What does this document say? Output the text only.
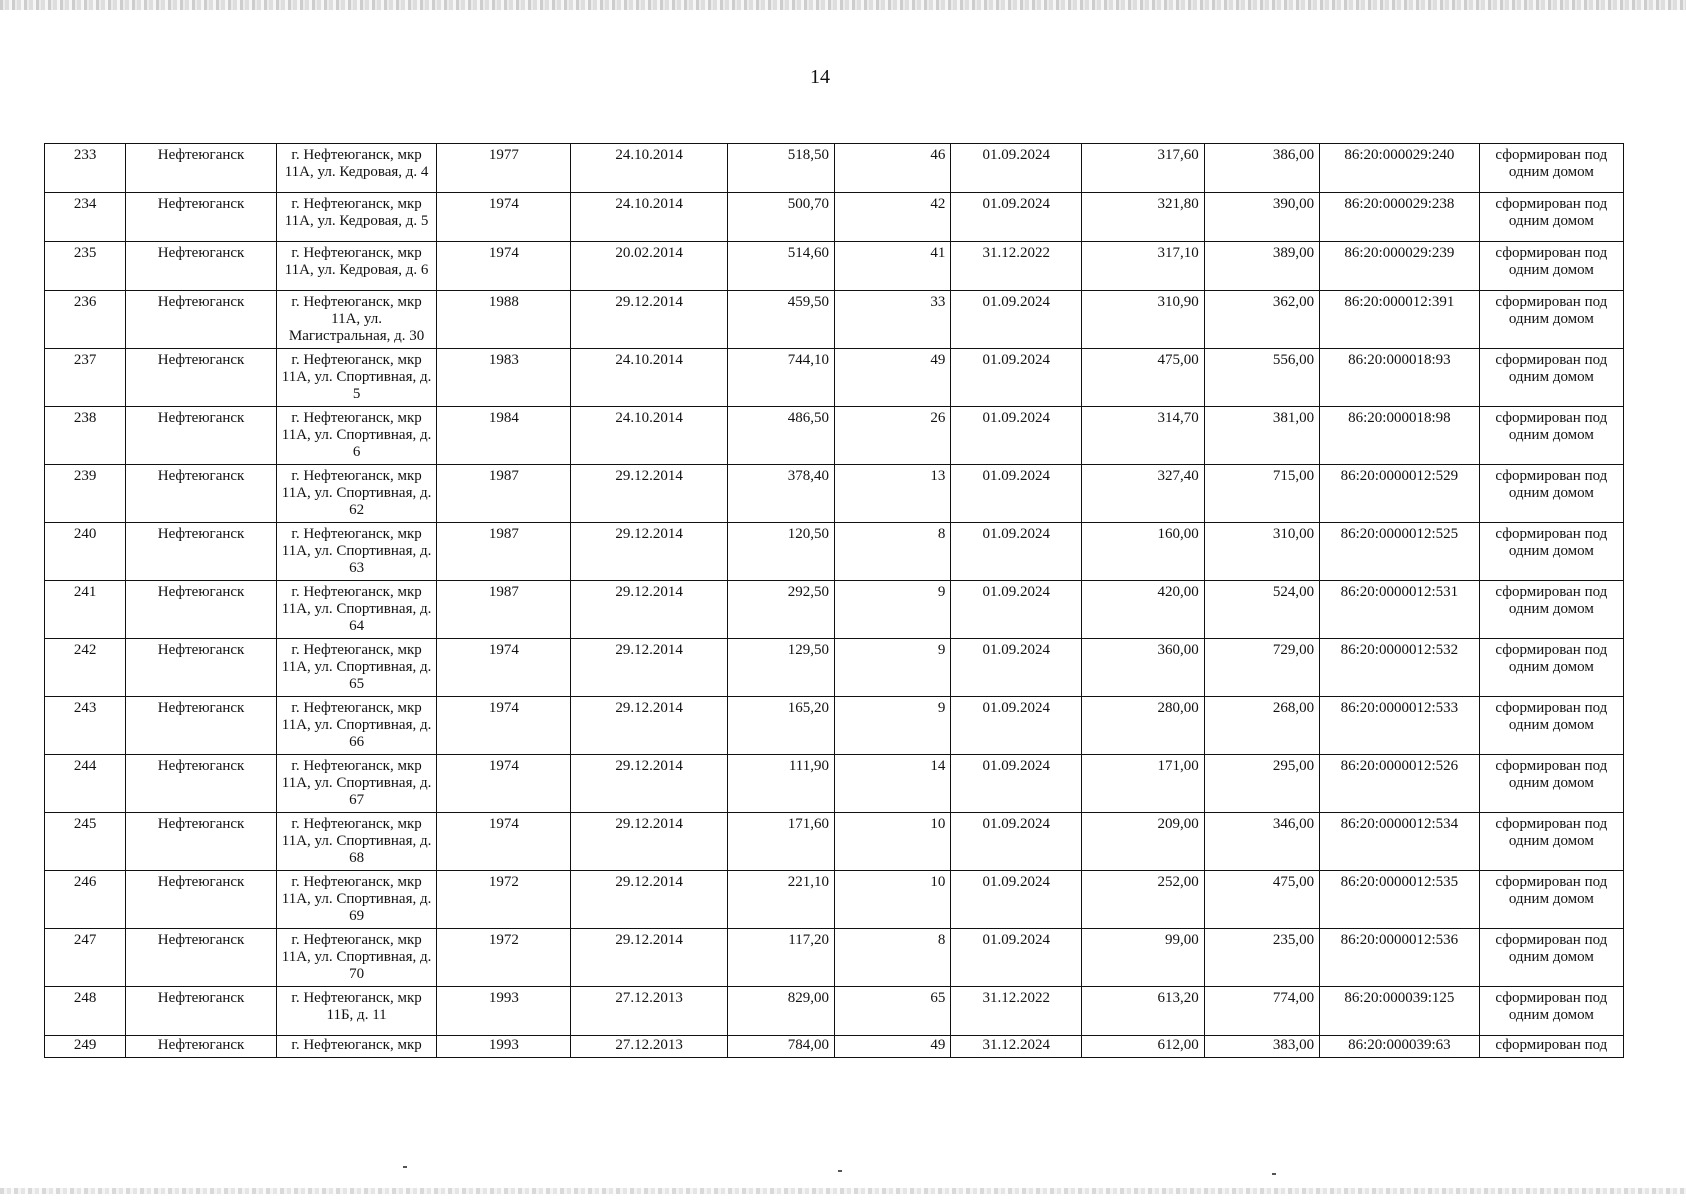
14
233	Нефтеюганск	г. Нефтеюганск, мкр 11А, ул. Кедровая, д. 4	1977	24.10.2014	518,50	46	01.09.2024	317,60	386,00	86:20:000029:240	сформирован под одним домом
234	Нефтеюганск	г. Нефтеюганск, мкр 11А, ул. Кедровая, д. 5	1974	24.10.2014	500,70	42	01.09.2024	321,80	390,00	86:20:000029:238	сформирован под одним домом
235	Нефтеюганск	г. Нефтеюганск, мкр 11А, ул. Кедровая, д. 6	1974	20.02.2014	514,60	41	31.12.2022	317,10	389,00	86:20:000029:239	сформирован под одним домом
236	Нефтеюганск	г. Нефтеюганск, мкр 11А, ул. Магистральная, д. 30	1988	29.12.2014	459,50	33	01.09.2024	310,90	362,00	86:20:000012:391	сформирован под одним домом
237	Нефтеюганск	г. Нефтеюганск, мкр 11А, ул. Спортивная, д. 5	1983	24.10.2014	744,10	49	01.09.2024	475,00	556,00	86:20:000018:93	сформирован под одним домом
238	Нефтеюганск	г. Нефтеюганск, мкр 11А, ул. Спортивная, д. 6	1984	24.10.2014	486,50	26	01.09.2024	314,70	381,00	86:20:000018:98	сформирован под одним домом
239	Нефтеюганск	г. Нефтеюганск, мкр 11А, ул. Спортивная, д. 62	1987	29.12.2014	378,40	13	01.09.2024	327,40	715,00	86:20:0000012:529	сформирован под одним домом
240	Нефтеюганск	г. Нефтеюганск, мкр 11А, ул. Спортивная, д. 63	1987	29.12.2014	120,50	8	01.09.2024	160,00	310,00	86:20:0000012:525	сформирован под одним домом
241	Нефтеюганск	г. Нефтеюганск, мкр 11А, ул. Спортивная, д. 64	1987	29.12.2014	292,50	9	01.09.2024	420,00	524,00	86:20:0000012:531	сформирован под одним домом
242	Нефтеюганск	г. Нефтеюганск, мкр 11А, ул. Спортивная, д. 65	1974	29.12.2014	129,50	9	01.09.2024	360,00	729,00	86:20:0000012:532	сформирован под одним домом
243	Нефтеюганск	г. Нефтеюганск, мкр 11А, ул. Спортивная, д. 66	1974	29.12.2014	165,20	9	01.09.2024	280,00	268,00	86:20:0000012:533	сформирован под одним домом
244	Нефтеюганск	г. Нефтеюганск, мкр 11А, ул. Спортивная, д. 67	1974	29.12.2014	111,90	14	01.09.2024	171,00	295,00	86:20:0000012:526	сформирован под одним домом
245	Нефтеюганск	г. Нефтеюганск, мкр 11А, ул. Спортивная, д. 68	1974	29.12.2014	171,60	10	01.09.2024	209,00	346,00	86:20:0000012:534	сформирован под одним домом
246	Нефтеюганск	г. Нефтеюганск, мкр 11А, ул. Спортивная, д. 69	1972	29.12.2014	221,10	10	01.09.2024	252,00	475,00	86:20:0000012:535	сформирован под одним домом
247	Нефтеюганск	г. Нефтеюганск, мкр 11А, ул. Спортивная, д. 70	1972	29.12.2014	117,20	8	01.09.2024	99,00	235,00	86:20:0000012:536	сформирован под одним домом
248	Нефтеюганск	г. Нефтеюганск, мкр 11Б, д. 11	1993	27.12.2013	829,00	65	31.12.2022	613,20	774,00	86:20:000039:125	сформирован под одним домом
249	Нефтеюганск	г. Нефтеюганск, мкр	1993	27.12.2013	784,00	49	31.12.2024	612,00	383,00	86:20:000039:63	сформирован под
